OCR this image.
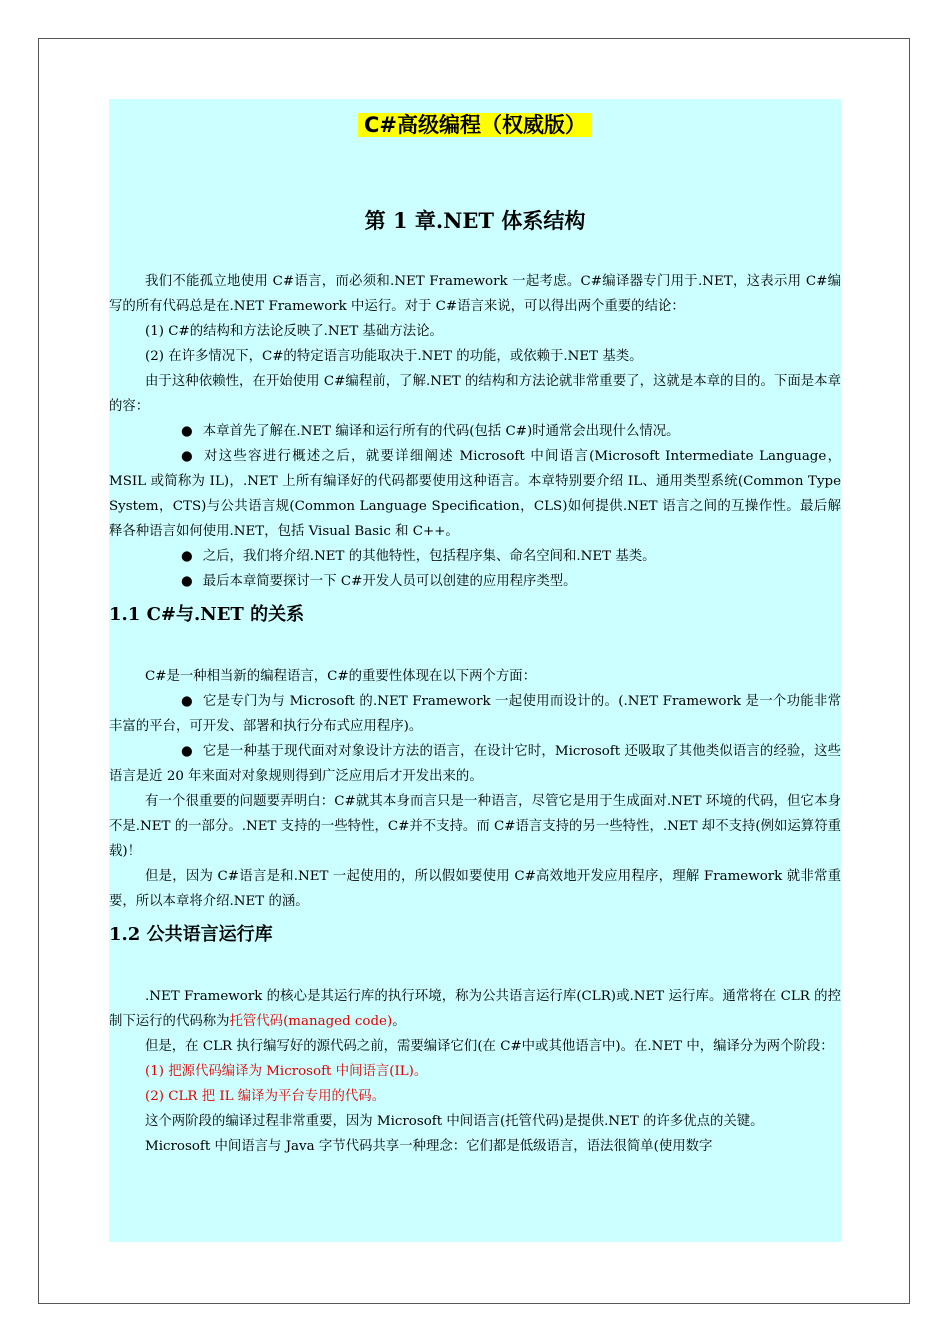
C#高级编程（权威版）
第 1 章.NET 体系结构

我们不能孤立地使用 C#语言，而必须和.NET Framework 一起考虑。C#编译器专门用于.NET，这表示用 C#编写的所有代码总是在.NET Framework 中运行。对于 C#语言来说，可以得出两个重要的结论：

(1) C#的结构和方法论反映了.NET 基础方法论。

(2) 在许多情况下，C#的特定语言功能取决于.NET 的功能，或依赖于.NET 基类。

由于这种依赖性，在开始使用 C#编程前，了解.NET 的结构和方法论就非常重要了，这就是本章的目的。下面是本章的容：

● 本章首先了解在.NET 编译和运行所有的代码(包括 C#)时通常会出现什么情况。

● 对这些容进行概述之后，就要详细阐述 Microsoft 中间语言(Microsoft Intermediate Language，MSIL 或简称为 IL)，.NET 上所有编译好的代码都要使用这种语言。本章特别要介绍 IL、通用类型系统(Common Type System，CTS)与公共语言规(Common Language Specification，CLS)如何提供.NET 语言之间的互操作性。最后解释各种语言如何使用.NET，包括 Visual Basic 和 C++。

● 之后，我们将介绍.NET 的其他特性，包括程序集、命名空间和.NET 基类。

● 最后本章简要探讨一下 C#开发人员可以创建的应用程序类型。

1.1 C#与.NET 的关系

C#是一种相当新的编程语言，C#的重要性体现在以下两个方面：

● 它是专门为与 Microsoft 的.NET Framework 一起使用而设计的。(.NET Framework 是一个功能非常丰富的平台，可开发、部署和执行分布式应用程序)。

● 它是一种基于现代面对对象设计方法的语言，在设计它时，Microsoft 还吸取了其他类似语言的经验，这些语言是近 20 年来面对对象规则得到广泛应用后才开发出来的。

有一个很重要的问题要弄明白：C#就其本身而言只是一种语言，尽管它是用于生成面对.NET 环境的代码，但它本身不是.NET 的一部分。.NET 支持的一些特性，C#并不支持。而 C#语言支持的另一些特性，.NET 却不支持(例如运算符重载)！

但是，因为 C#语言是和.NET 一起使用的，所以假如要使用 C#高效地开发应用程序，理解 Framework 就非常重要，所以本章将介绍.NET 的涵。

1.2 公共语言运行库

.NET Framework 的核心是其运行库的执行环境，称为公共语言运行库(CLR)或.NET 运行库。通常将在 CLR 的控制下运行的代码称为托管代码(managed code)。

但是，在 CLR 执行编写好的源代码之前，需要编译它们(在 C#中或其他语言中)。在.NET 中，编译分为两个阶段：

(1) 把源代码编译为 Microsoft 中间语言(IL)。

(2) CLR 把 IL 编译为平台专用的代码。

这个两阶段的编译过程非常重要，因为 Microsoft 中间语言(托管代码)是提供.NET 的许多优点的关键。

Microsoft 中间语言与 Java 字节代码共享一种理念：它们都是低级语言，语法很简单(使用数字
